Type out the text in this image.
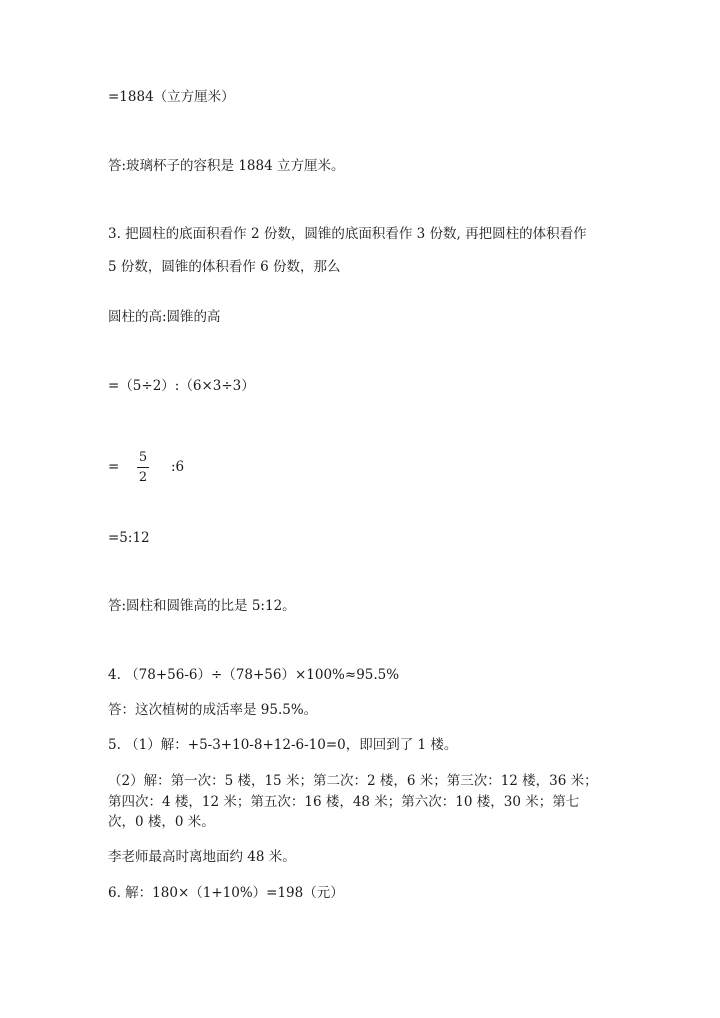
=1884（立方厘米）
答:玻璃杯子的容积是 1884 立方厘米。
3. 把圆柱的底面积看作 2 份数，圆锥的底面积看作 3 份数, 再把圆柱的体积看作
5 份数，圆锥的体积看作 6 份数，那么
圆柱的高:圆锥的高
=（5÷2）:（6×3÷3）
=
5
2
:6
=5:12
答:圆柱和圆锥高的比是 5:12。
4. （78+56-6）÷（78+56）×100%≈95.5%
答：这次植树的成活率是 95.5%。
5. （1）解：+5-3+10-8+12-6-10=0，即回到了 1 楼。
（2）解：第一次：5 楼，15 米；第二次：2 楼，6 米；第三次：12 楼，36 米；
第四次：4 楼，12 米；第五次：16 楼，48 米；第六次：10 楼，30 米；第七
次，0 楼，0 米。
李老师最高时离地面约 48 米。
6. 解：180×（1+10%）=198（元）
